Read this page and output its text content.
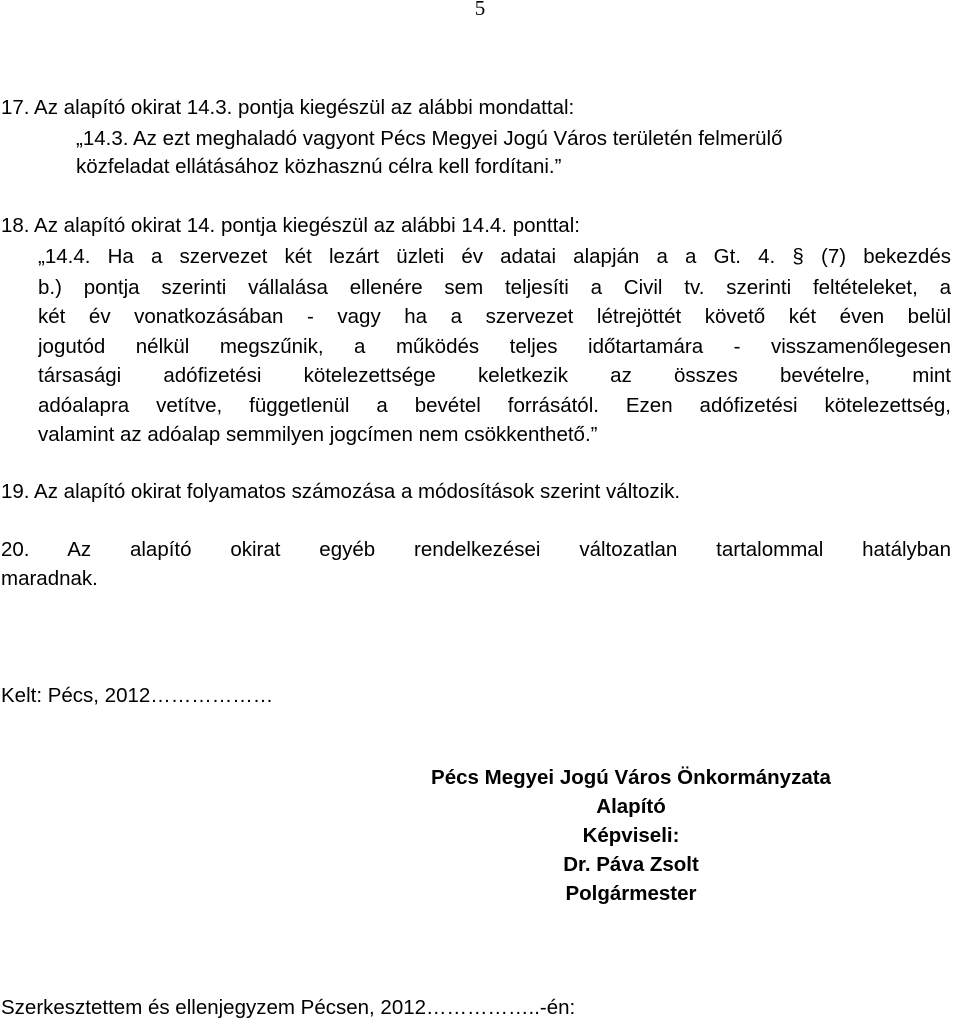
5
17. Az alapító okirat 14.3. pontja kiegészül az alábbi mondattal:
„14.3. Az ezt meghaladó vagyont Pécs Megyei Jogú Város területén felmerülő
közfeladat ellátásához közhasznú célra kell fordítani.”
18. Az alapító okirat 14. pontja kiegészül az alábbi 14.4. ponttal:
„14.4. Ha a szervezet két lezárt üzleti év adatai alapján a a Gt. 4. § (7) bekezdés
b.) pontja szerinti vállalása ellenére sem teljesíti a Civil tv. szerinti feltételeket, a
két év vonatkozásában - vagy ha a szervezet létrejöttét követő két éven belül
jogutód nélkül megszűnik, a működés teljes időtartamára - visszamenőlegesen
társasági adófizetési kötelezettsége keletkezik az összes bevételre, mint
adóalapra vetítve, függetlenül a bevétel forrásától. Ezen adófizetési kötelezettség,
valamint az adóalap semmilyen jogcímen nem csökkenthető.”
19. Az alapító okirat folyamatos számozása a módosítások szerint változik.
20. Az alapító okirat egyéb rendelkezései változatlan tartalommal hatályban
maradnak.
Kelt: Pécs, 2012………………
Pécs Megyei Jogú Város Önkormányzata
Alapító
Képviseli:
Dr. Páva Zsolt
Polgármester
Szerkesztettem és ellenjegyzem Pécsen, 2012……………..-én:
